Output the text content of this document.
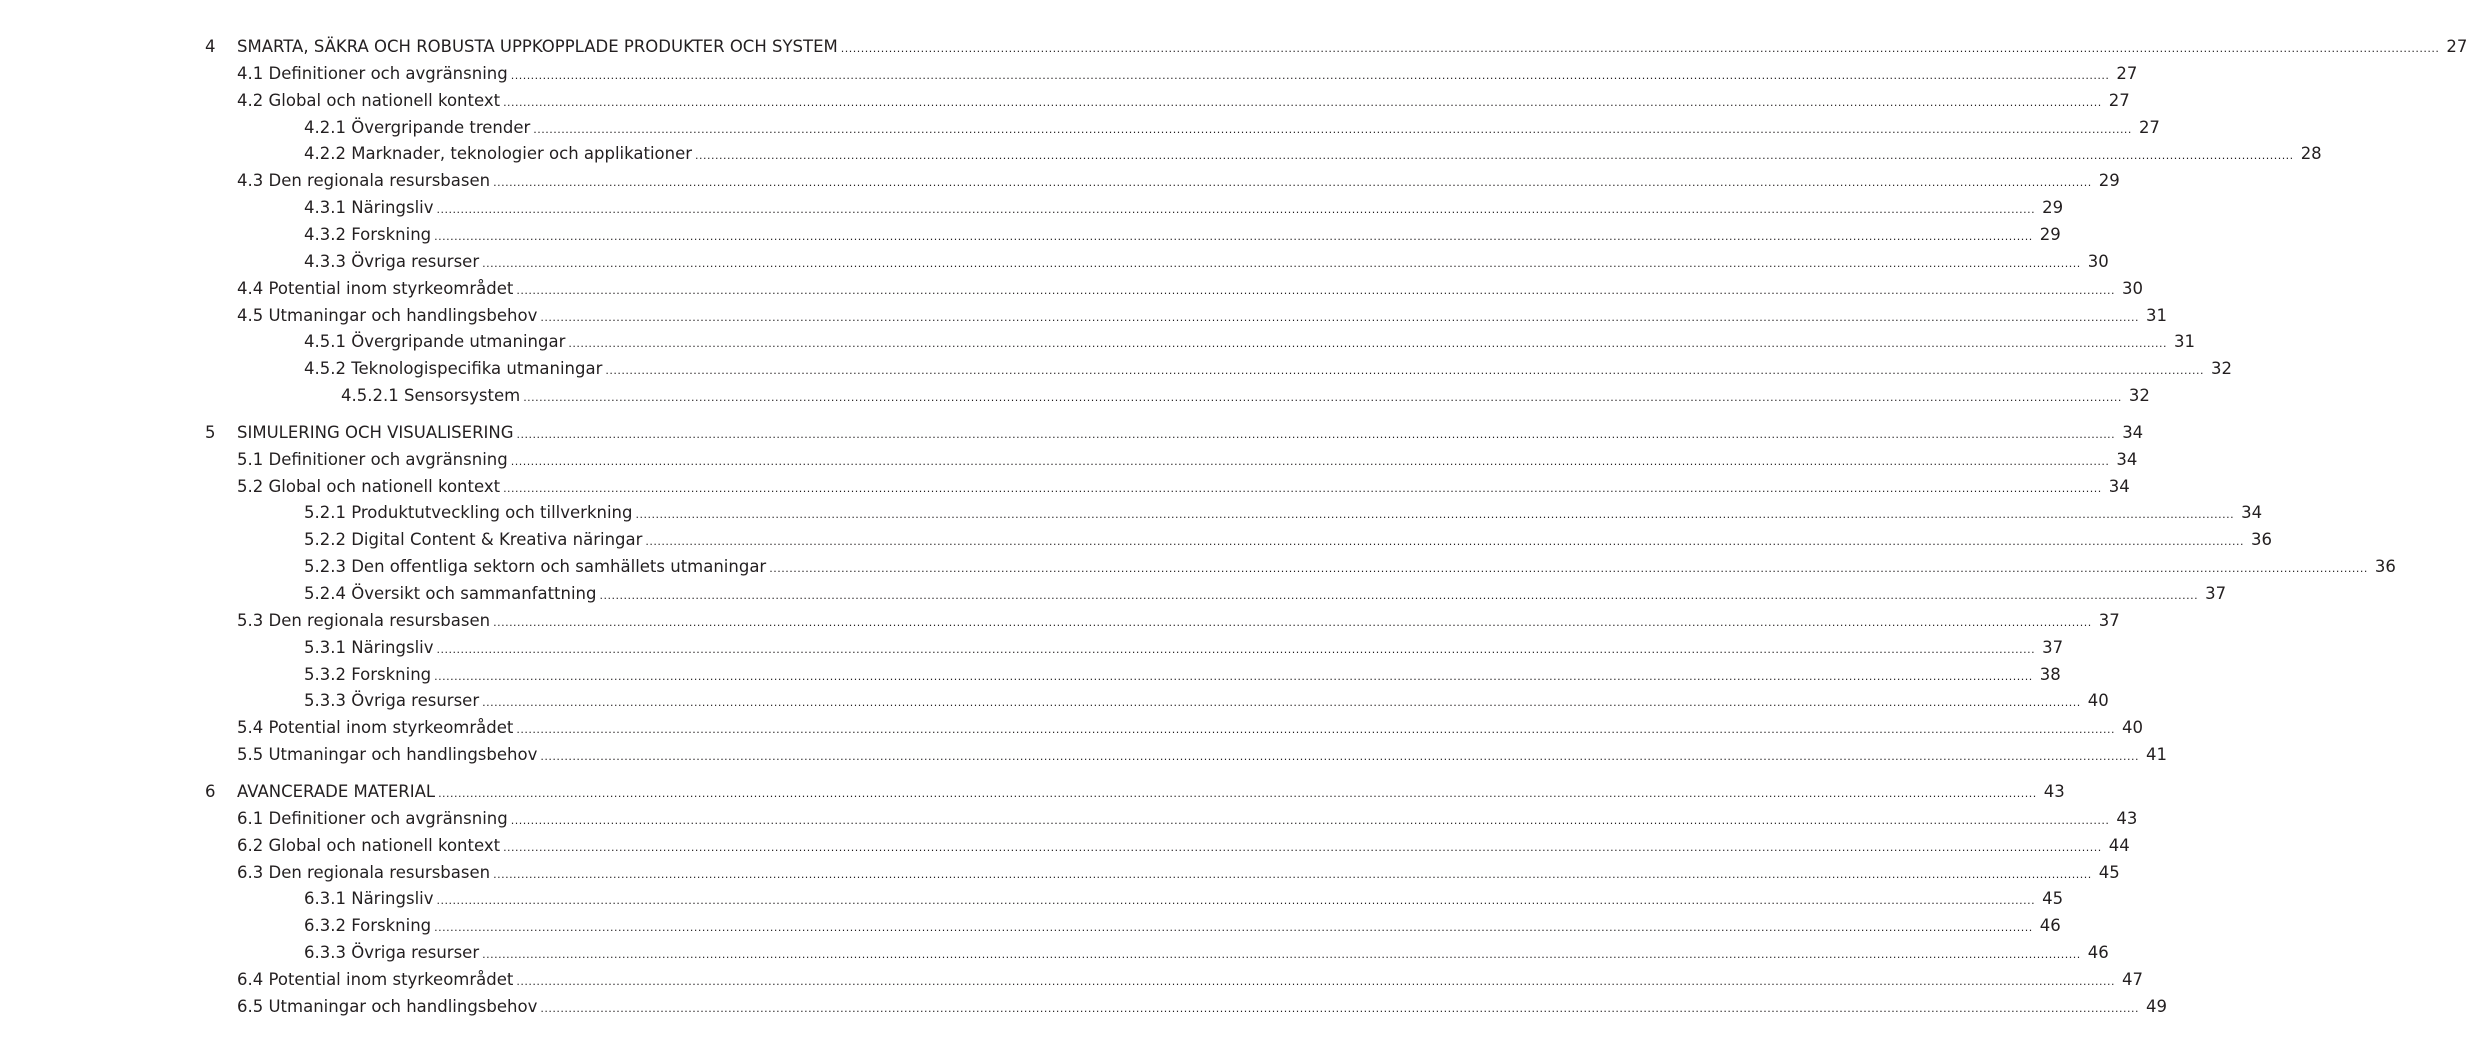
4 SMARTA, SÄKRA OCH ROBUSTA UPPKOPPLADE PRODUKTER OCH SYSTEM ................................................................................................................................................................................................................................................................................................................................................................................................................ 27
4.1 Definitioner och avgränsning ................................................................................................................................................................................................................................................................................................................................................................................................................ 27
4.2 Global och nationell kontext ................................................................................................................................................................................................................................................................................................................................................................................................................ 27
4.2.1 Övergripande trender ................................................................................................................................................................................................................................................................................................................................................................................................................ 27
4.2.2 Marknader, teknologier och applikationer ................................................................................................................................................................................................................................................................................................................................................................................................................ 28
4.3 Den regionala resursbasen ................................................................................................................................................................................................................................................................................................................................................................................................................ 29
4.3.1 Näringsliv ................................................................................................................................................................................................................................................................................................................................................................................................................ 29
4.3.2 Forskning ................................................................................................................................................................................................................................................................................................................................................................................................................ 29
4.3.3 Övriga resurser ................................................................................................................................................................................................................................................................................................................................................................................................................ 30
4.4 Potential inom styrkeområdet ................................................................................................................................................................................................................................................................................................................................................................................................................ 30
4.5 Utmaningar och handlingsbehov ................................................................................................................................................................................................................................................................................................................................................................................................................ 31
4.5.1 Övergripande utmaningar ................................................................................................................................................................................................................................................................................................................................................................................................................ 31
4.5.2 Teknologispecifika utmaningar ................................................................................................................................................................................................................................................................................................................................................................................................................ 32
4.5.2.1 Sensorsystem ................................................................................................................................................................................................................................................................................................................................................................................................................ 32
5 SIMULERING OCH VISUALISERING ................................................................................................................................................................................................................................................................................................................................................................................................................ 34
5.1 Definitioner och avgränsning ................................................................................................................................................................................................................................................................................................................................................................................................................ 34
5.2 Global och nationell kontext ................................................................................................................................................................................................................................................................................................................................................................................................................ 34
5.2.1 Produktutveckling och tillverkning ................................................................................................................................................................................................................................................................................................................................................................................................................ 34
5.2.2 Digital Content & Kreativa näringar ................................................................................................................................................................................................................................................................................................................................................................................................................ 36
5.2.3 Den offentliga sektorn och samhällets utmaningar ................................................................................................................................................................................................................................................................................................................................................................................................................ 36
5.2.4 Översikt och sammanfattning ................................................................................................................................................................................................................................................................................................................................................................................................................ 37
5.3 Den regionala resursbasen ................................................................................................................................................................................................................................................................................................................................................................................................................ 37
5.3.1 Näringsliv ................................................................................................................................................................................................................................................................................................................................................................................................................ 37
5.3.2 Forskning ................................................................................................................................................................................................................................................................................................................................................................................................................ 38
5.3.3 Övriga resurser ................................................................................................................................................................................................................................................................................................................................................................................................................ 40
5.4 Potential inom styrkeområdet ................................................................................................................................................................................................................................................................................................................................................................................................................ 40
5.5 Utmaningar och handlingsbehov ................................................................................................................................................................................................................................................................................................................................................................................................................ 41
6 AVANCERADE MATERIAL ................................................................................................................................................................................................................................................................................................................................................................................................................ 43
6.1 Definitioner och avgränsning ................................................................................................................................................................................................................................................................................................................................................................................................................ 43
6.2 Global och nationell kontext ................................................................................................................................................................................................................................................................................................................................................................................................................ 44
6.3 Den regionala resursbasen ................................................................................................................................................................................................................................................................................................................................................................................................................ 45
6.3.1 Näringsliv ................................................................................................................................................................................................................................................................................................................................................................................................................ 45
6.3.2 Forskning ................................................................................................................................................................................................................................................................................................................................................................................................................ 46
6.3.3 Övriga resurser ................................................................................................................................................................................................................................................................................................................................................................................................................ 46
6.4 Potential inom styrkeområdet ................................................................................................................................................................................................................................................................................................................................................................................................................ 47
6.5 Utmaningar och handlingsbehov ................................................................................................................................................................................................................................................................................................................................................................................................................ 49
